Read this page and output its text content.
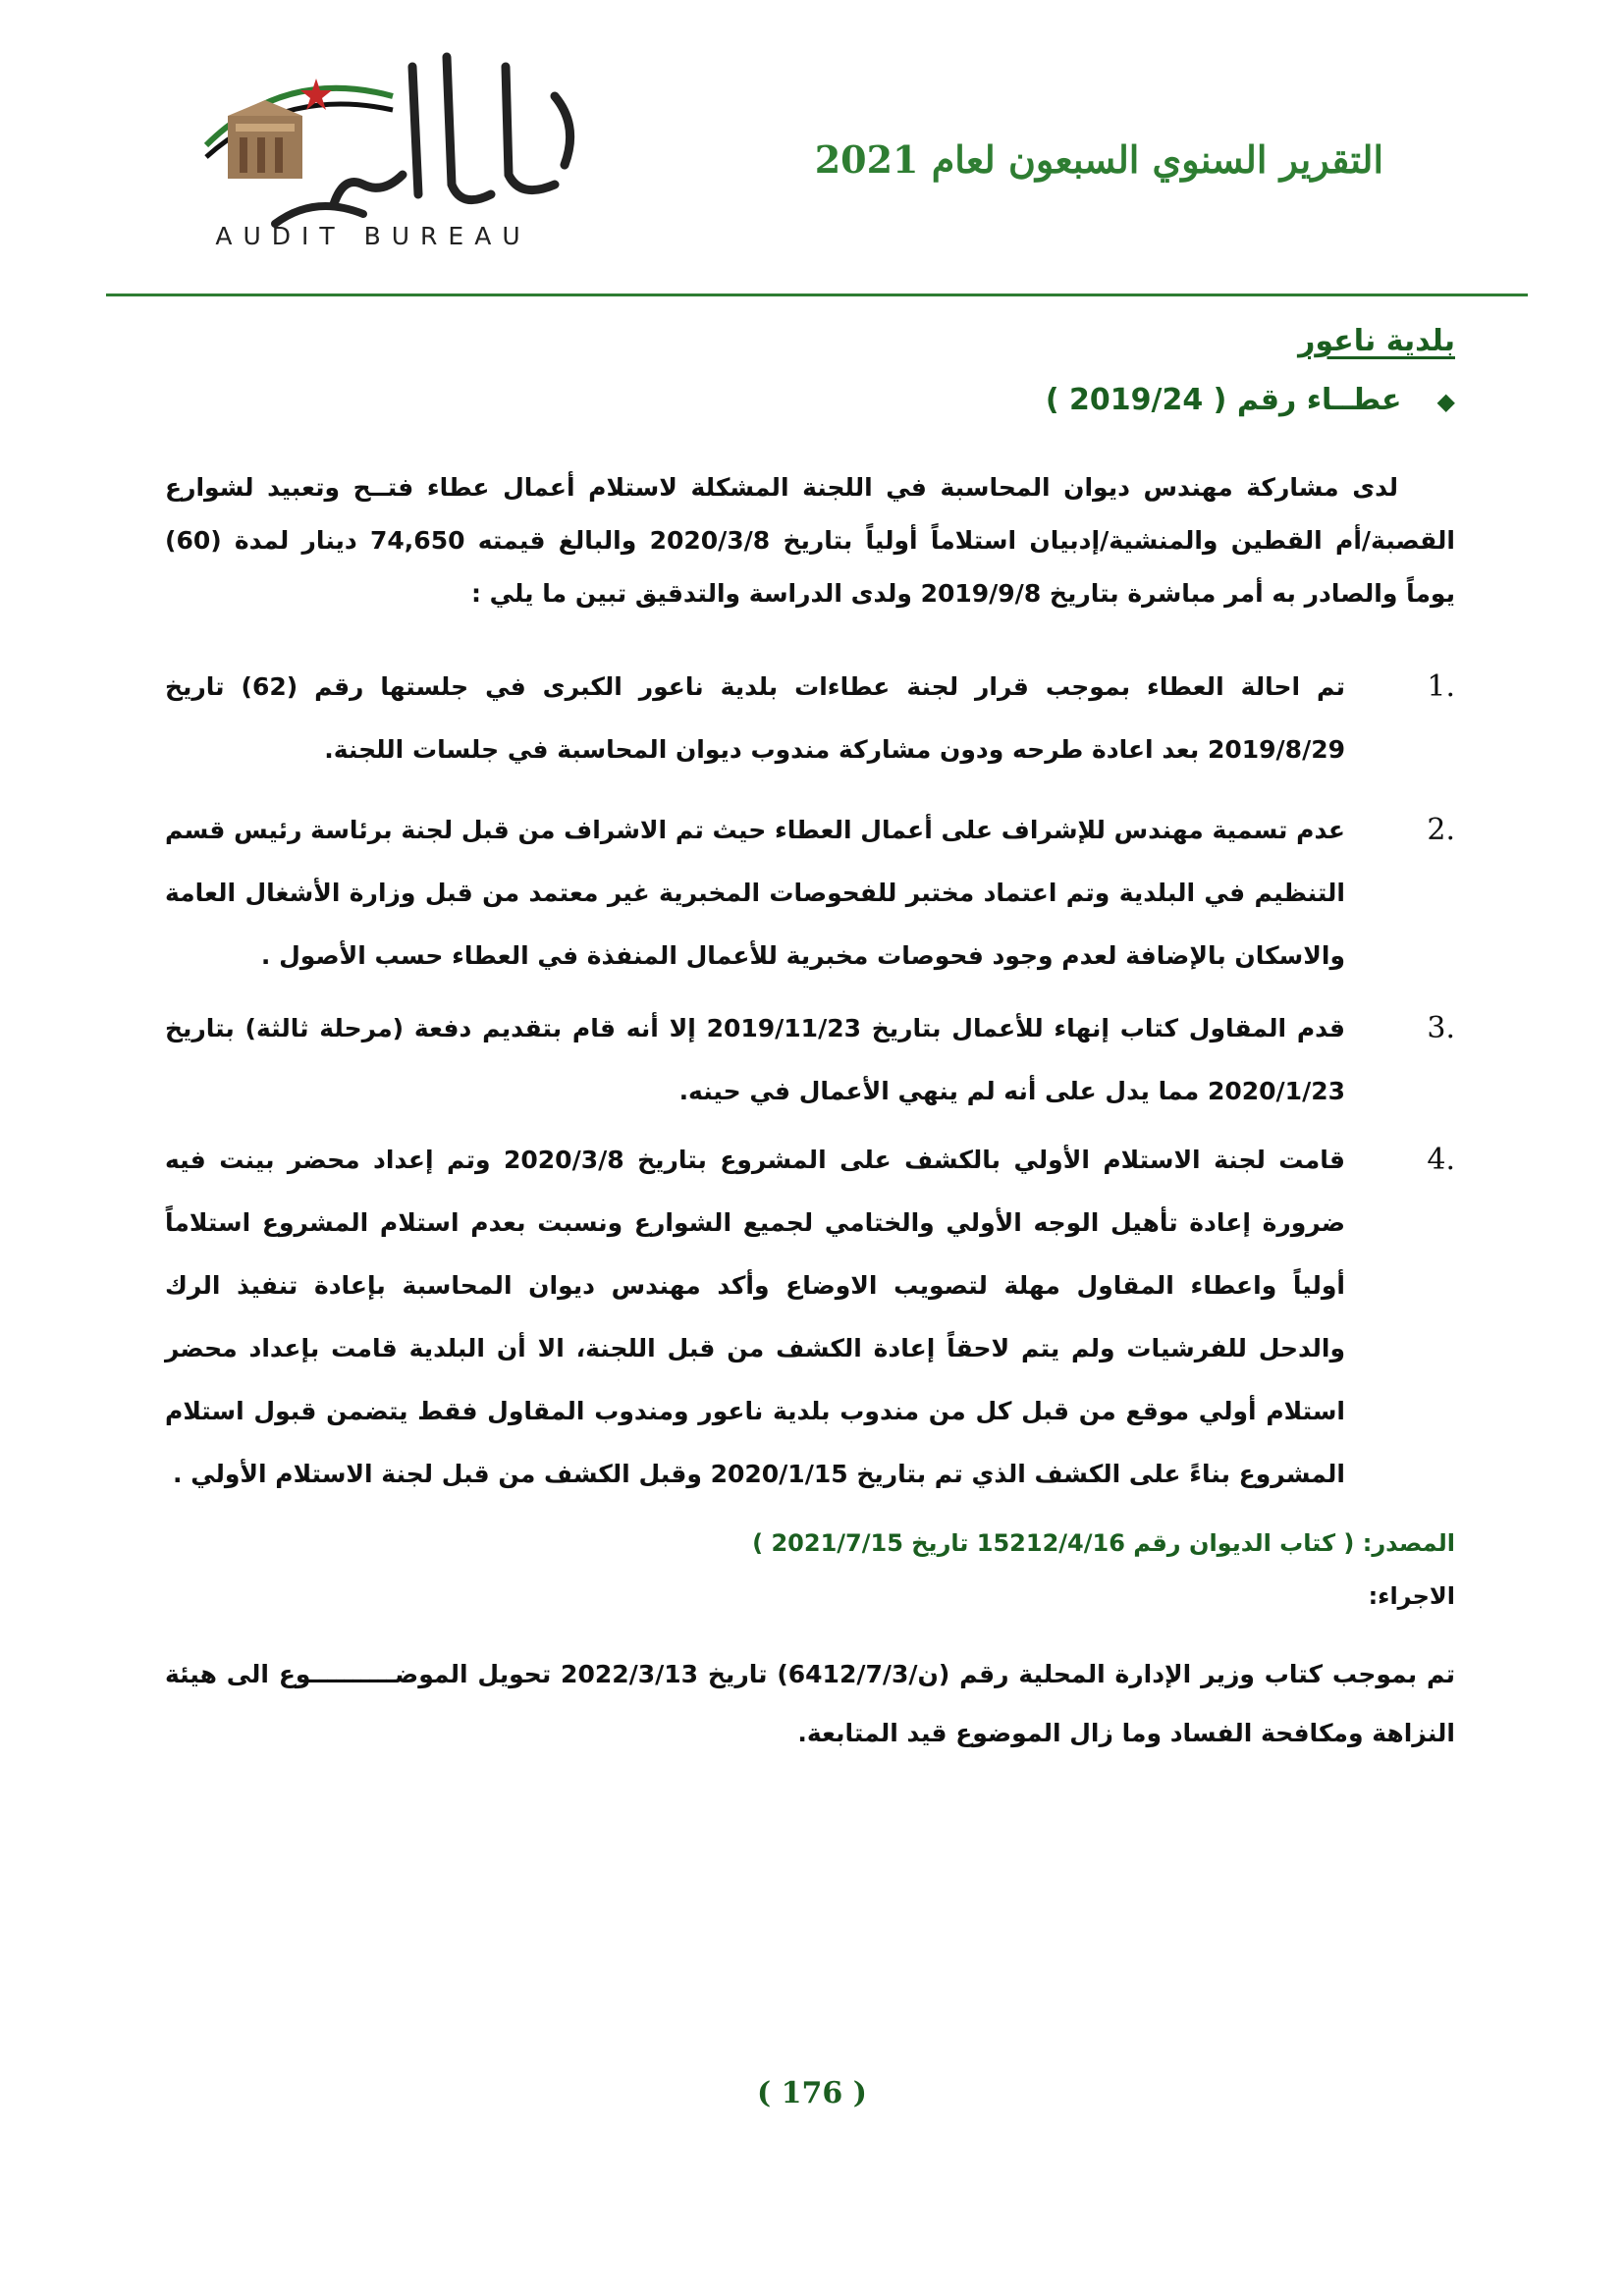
AUDIT BUREAU
التقرير السنوي السبعون لعام 2021
بلدية ناعور
◆عطــاء رقم ( 2019/24 )
لدى مشاركة مهندس ديوان المحاسبة في اللجنة المشكلة لاستلام أعمال عطاء فتــح وتعبيد لشوارع القصبة/أم القطين والمنشية/إدبيان استلاماً أولياً بتاريخ 2020/3/8 والبالغ قيمته 74,650 دينار لمدة (60) يوماً والصادر به أمر مباشرة بتاريخ 2019/9/8 ولدى الدراسة والتدقيق تبين ما يلي :
1.
تم احالة العطاء بموجب قرار لجنة عطاءات بلدية ناعور الكبرى في جلستها رقم (62) تاريخ 2019/8/29 بعد اعادة طرحه ودون مشاركة مندوب ديوان المحاسبة في جلسات اللجنة.
2.
عدم تسمية مهندس للإشراف على أعمال العطاء حيث تم الاشراف من قبل لجنة برئاسة رئيس قسم التنظيم في البلدية وتم اعتماد مختبر للفحوصات المخبرية غير معتمد من قبل وزارة الأشغال العامة والاسكان بالإضافة لعدم وجود فحوصات مخبرية للأعمال المنفذة في العطاء حسب الأصول .
3.
قدم المقاول كتاب إنهاء للأعمال بتاريخ 2019/11/23 إلا أنه قام بتقديم دفعة (مرحلة ثالثة) بتاريخ 2020/1/23 مما يدل على أنه لم ينهي الأعمال في حينه.
4.
قامت لجنة الاستلام الأولي بالكشف على المشروع بتاريخ 2020/3/8 وتم إعداد محضر بينت فيه ضرورة إعادة تأهيل الوجه الأولي والختامي لجميع الشوارع ونسبت بعدم استلام المشروع استلاماً أولياً واعطاء المقاول مهلة لتصويب الاوضاع وأكد مهندس ديوان المحاسبة بإعادة تنفيذ الرك والدحل للفرشيات ولم يتم لاحقاً إعادة الكشف من قبل اللجنة، الا أن البلدية قامت بإعداد محضر استلام أولي موقع من قبل كل من مندوب بلدية ناعور ومندوب المقاول فقط يتضمن قبول استلام المشروع بناءً على الكشف الذي تم بتاريخ 2020/1/15 وقبل الكشف من قبل لجنة الاستلام الأولي .
المصدر: ( كتاب الديوان رقم 15212/4/16 تاريخ 2021/7/15 )
الاجراء:
تم بموجب كتاب وزير الإدارة المحلية رقم (ن/6412/7/3) تاريخ 2022/3/13 تحويل الموضــــــــــوع الى هيئة النزاهة ومكافحة الفساد وما زال الموضوع قيد المتابعة.
( 176 )
